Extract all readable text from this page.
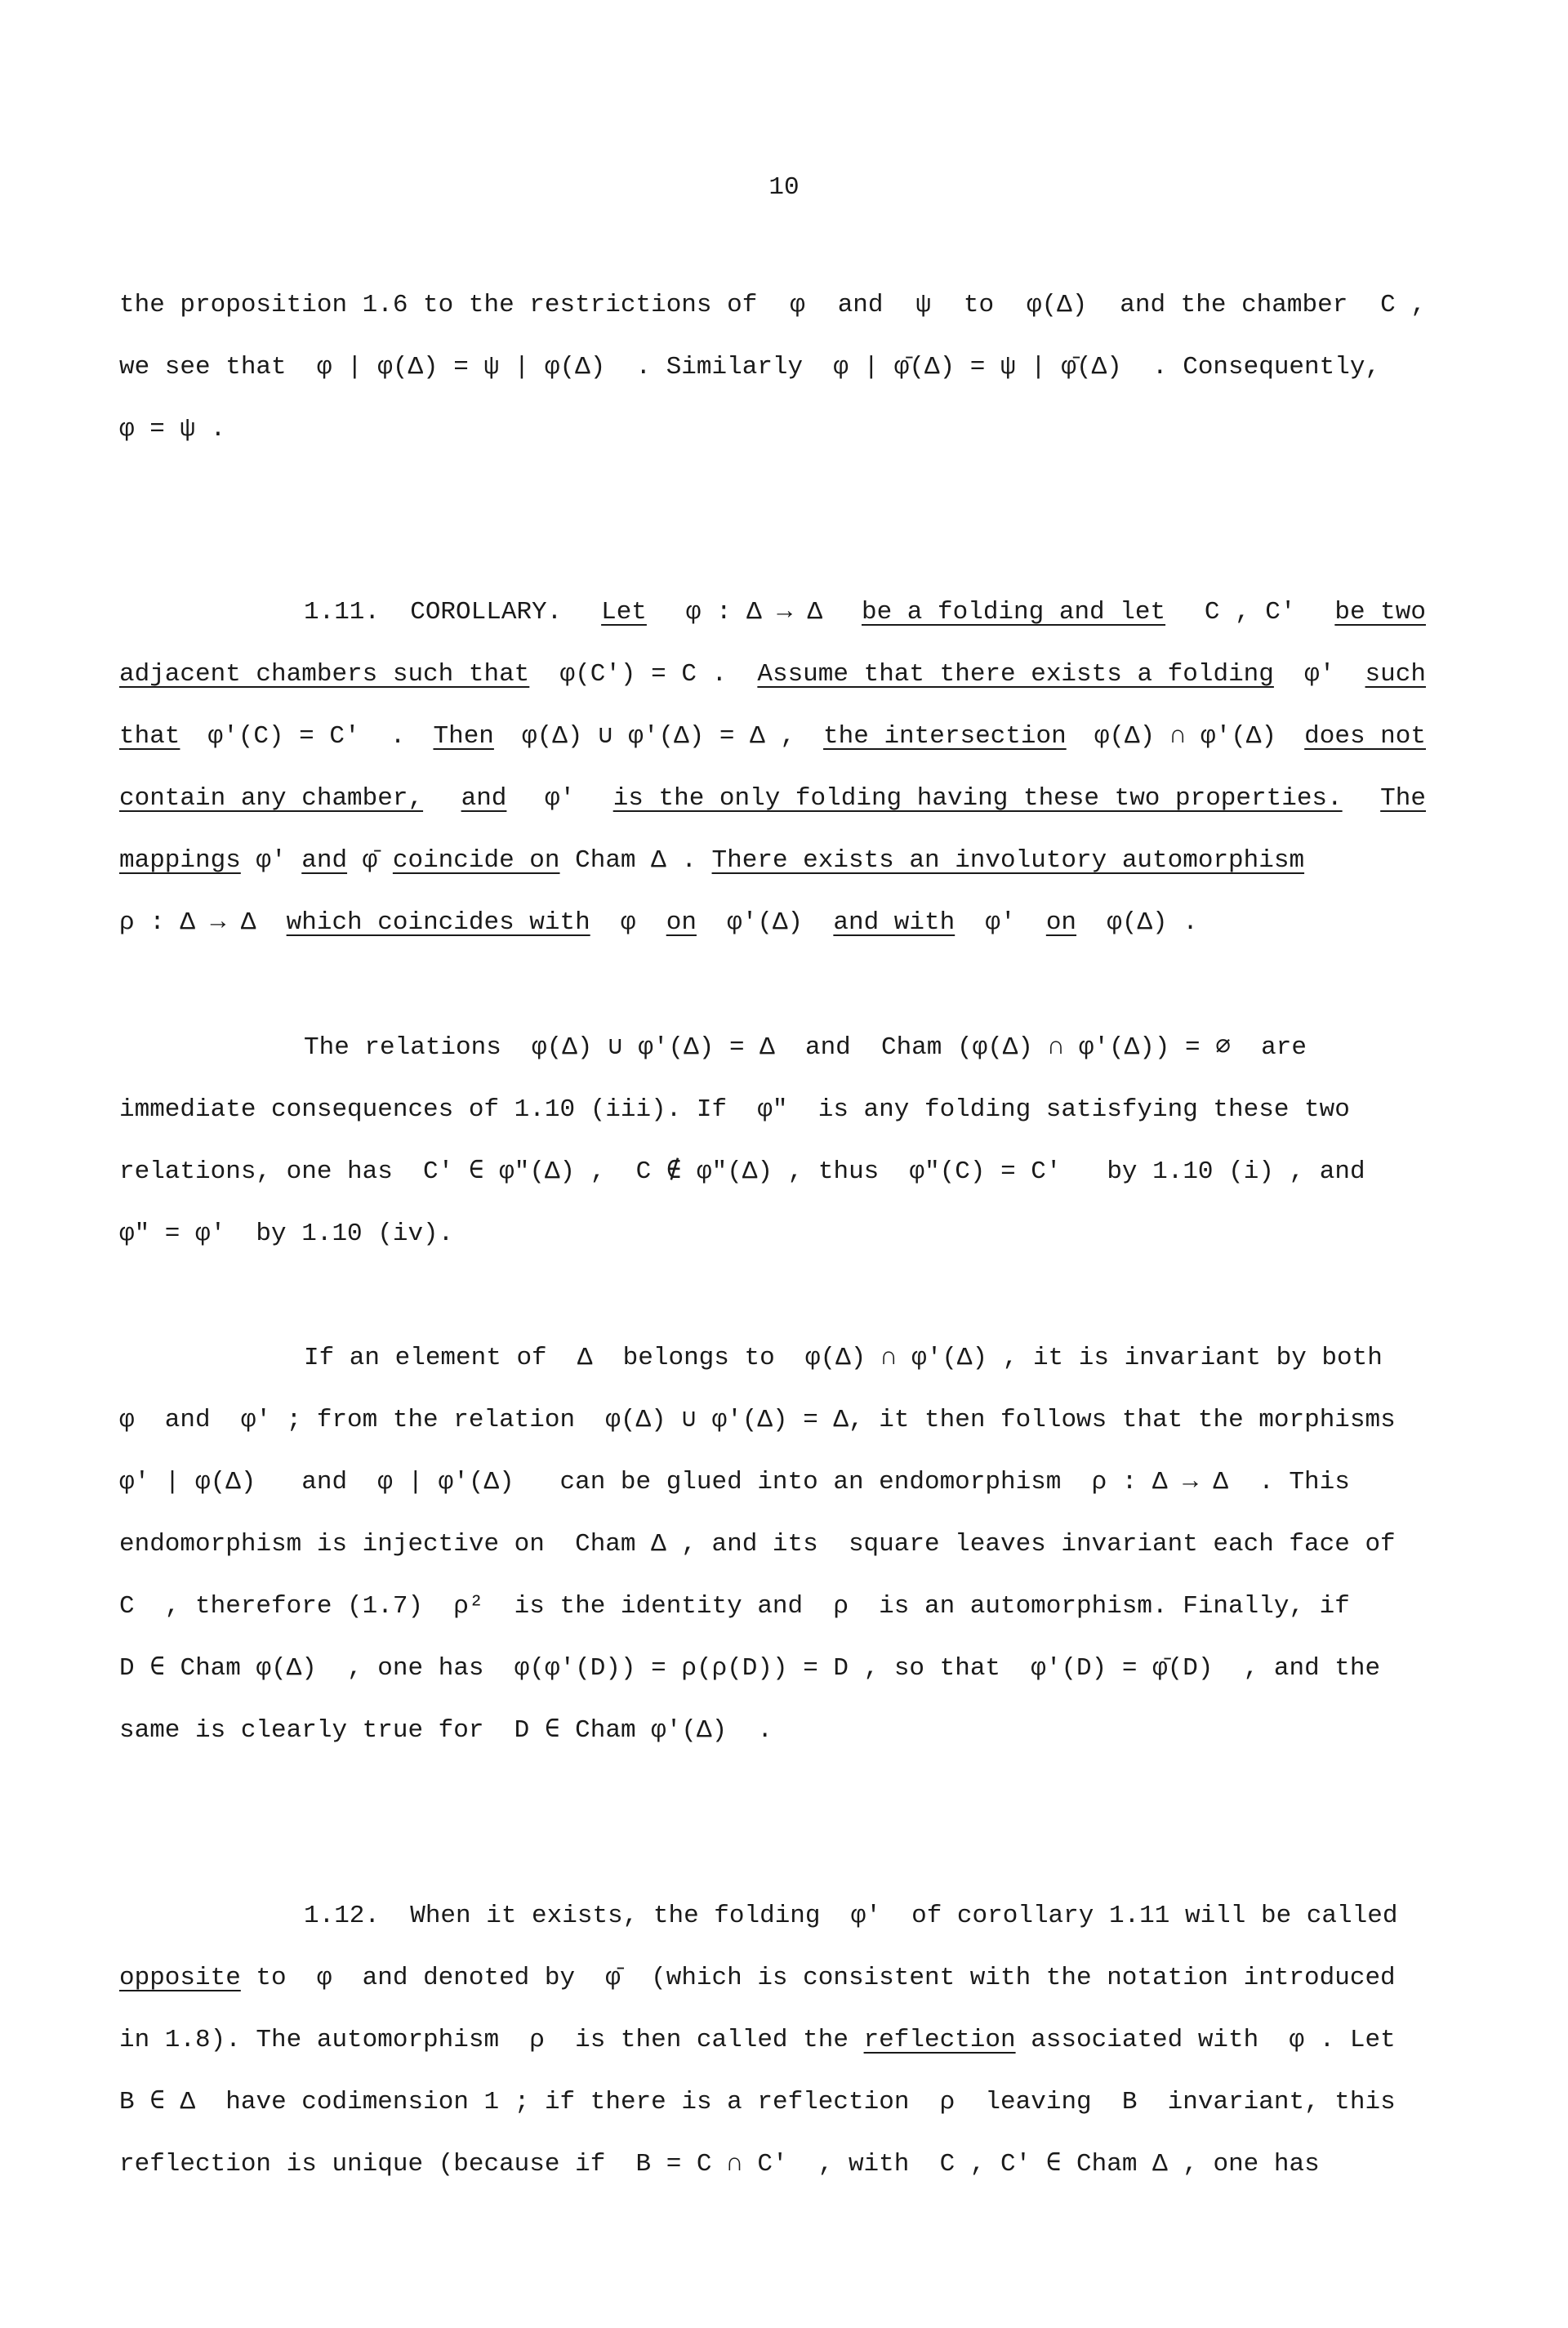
10
the proposition 1.6 to the restrictions of φ and ψ to φ(Δ) and the chamber C ,
we see that  φ | φ(Δ) = ψ | φ(Δ)  . Similarly  φ | φ̄(Δ) = ψ | φ̄(Δ)  . Consequently,
φ = ψ .
1.11.  COROLLARY. Let φ : Δ → Δ be a folding and let C , C' be two
adjacent chambers such that φ(C') = C . Assume that there exists a folding φ' such
that φ'(C) = C'  . Then φ(Δ) ∪ φ'(Δ) = Δ , the intersection φ(Δ) ∩ φ'(Δ) does not
contain any chamber, and φ' is the only folding having these two properties. The
mappings φ' and φ̄ coincide on Cham Δ . There exists an involutory automorphism
ρ : Δ → Δ which coincides with φ on φ'(Δ) and with φ' on φ(Δ) .
The relations  φ(Δ) ∪ φ'(Δ) = Δ  and  Cham (φ(Δ) ∩ φ'(Δ)) = ∅  are
immediate consequences of 1.10 (iii). If  φ"  is any folding satisfying these two
relations, one has  C' ∈ φ"(Δ) ,  C ∉ φ"(Δ) , thus  φ"(C) = C'   by 1.10 (i) , and
φ" = φ'  by 1.10 (iv).
If an element of  Δ  belongs to  φ(Δ) ∩ φ'(Δ) , it is invariant by both
φ  and  φ' ; from the relation  φ(Δ) ∪ φ'(Δ) = Δ, it then follows that the morphisms
φ' | φ(Δ)   and  φ | φ'(Δ)   can be glued into an endomorphism  ρ : Δ → Δ  . This
endomorphism is injective on  Cham Δ , and its  square leaves invariant each face of
C  , therefore (1.7)  ρ²  is the identity and  ρ  is an automorphism. Finally, if
D ∈ Cham φ(Δ)  , one has  φ(φ'(D)) = ρ(ρ(D)) = D , so that  φ'(D) = φ̄(D)  , and the
same is clearly true for  D ∈ Cham φ'(Δ)  .
1.12.  When it exists, the folding  φ'  of corollary 1.11 will be called
opposite to  φ  and denoted by  φ̄  (which is consistent with the notation introduced
in 1.8). The automorphism  ρ  is then called the reflection associated with  φ . Let
B ∈ Δ  have codimension 1 ; if there is a reflection  ρ  leaving  B  invariant, this
reflection is unique (because if  B = C ∩ C'  , with  C , C' ∈ Cham Δ , one has
